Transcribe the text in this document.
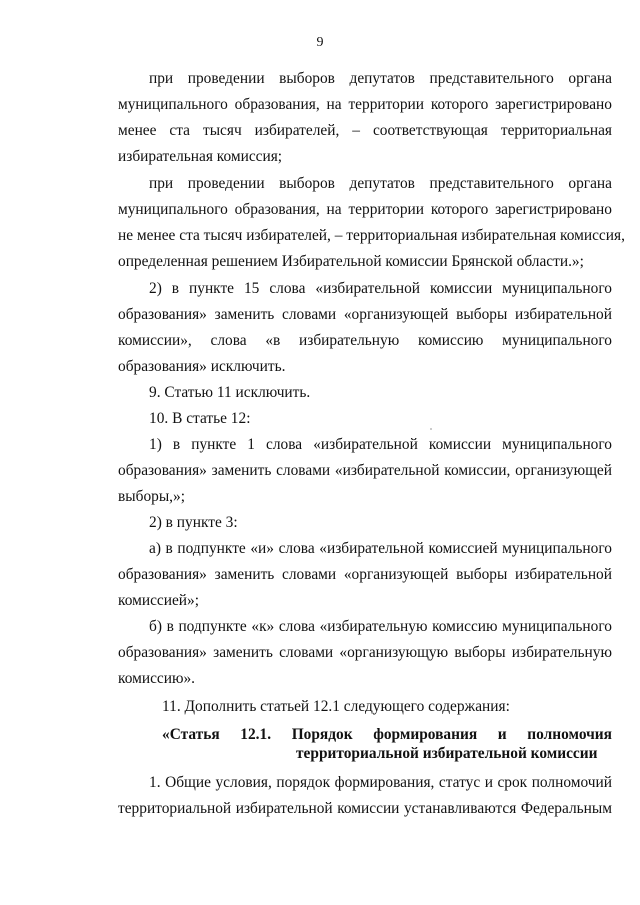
9
при проведении выборов депутатов представительного органа
муниципального образования, на территории которого зарегистрировано
менее ста тысяч избирателей, – соответствующая территориальная
избирательная комиссия;
при проведении выборов депутатов представительного органа
муниципального образования, на территории которого зарегистрировано
не менее ста тысяч избирателей, – территориальная избирательная комиссия,
определенная решением Избирательной комиссии Брянской области.»;
2) в пункте 15 слова «избирательной комиссии муниципального
образования» заменить словами «организующей выборы избирательной
комиссии», слова «в избирательную комиссию муниципального
образования» исключить.
9. Статью 11 исключить.
10. В статье 12:
1) в пункте 1 слова «избирательной комиссии муниципального
образования» заменить словами «избирательной комиссии, организующей
выборы,»;
2) в пункте 3:
а) в подпункте «и» слова «избирательной комиссией муниципального
образования» заменить словами «организующей выборы избирательной
комиссией»;
б) в подпункте «к» слова «избирательную комиссию муниципального
образования» заменить словами «организующую выборы избирательную
комиссию».
11. Дополнить статьей 12.1 следующего содержания:
«Статья 12.1. Порядок формирования и полномочия
территориальной избирательной комиссии
1. Общие условия, порядок формирования, статус и срок полномочий
территориальной избирательной комиссии устанавливаются Федеральным
